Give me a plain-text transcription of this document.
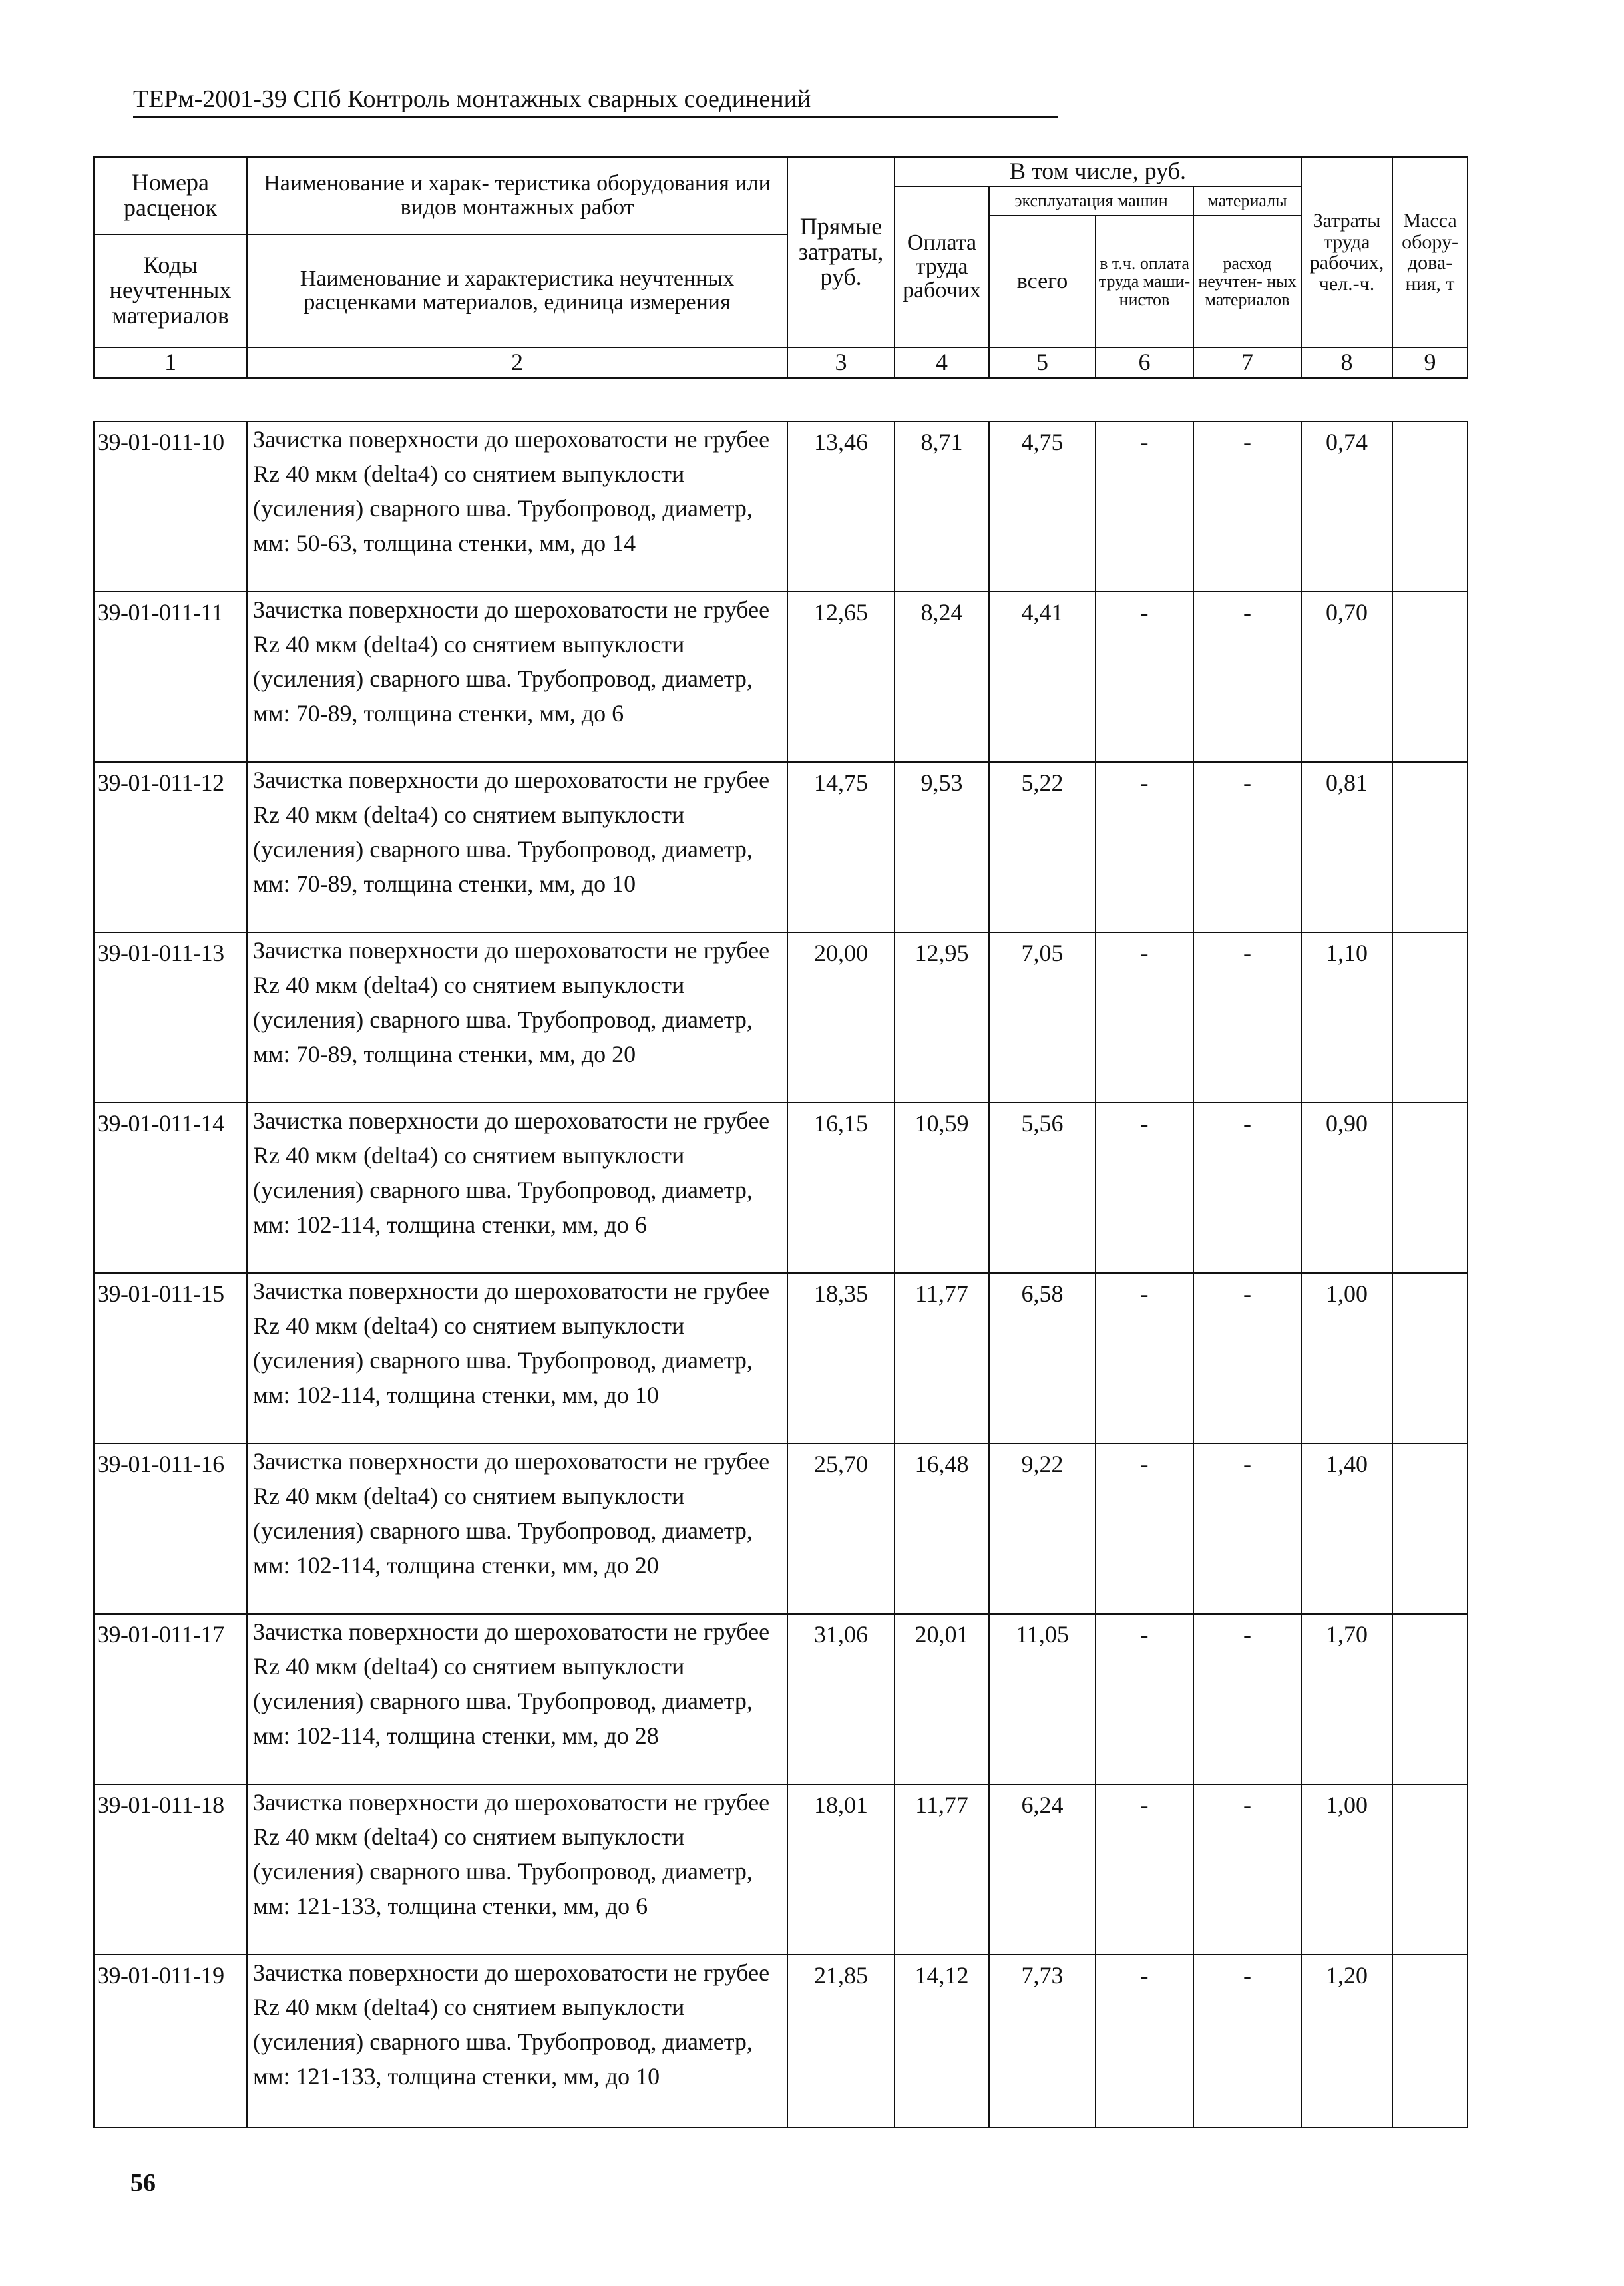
ТЕРм-2001-39 СПб Контроль монтажных сварных соединений
Номера расценок	Наименование и харак- теристика оборудования или видов монтажных работ	Прямые затраты, руб.	В том числе, руб.				Затраты труда рабочих, чел.-ч.	Масса обору- дова- ния, т
			Оплата труда рабочих	эксплуатация машин		материалы		
				всего	в т.ч. оплата труда маши- нистов	расход неучтен- ных материалов		
Коды неучтенных материалов	Наименование и характеристика неучтенных расценками материалов, единица измерения							

1	2	3	4	5	6	7	8	9
39-01-011-10	Зачистка поверхности до шероховатости не грубее Rz 40 мкм (delta4) со снятием выпуклости (усиления) сварного шва. Трубопровод, диаметр, мм: 50-63, толщина стенки, мм, до 14	13,46	8,71	4,75	-	-	0,74	
39-01-011-11	Зачистка поверхности до шероховатости не грубее Rz 40 мкм (delta4) со снятием выпуклости (усиления) сварного шва. Трубопровод, диаметр, мм: 70-89, толщина стенки, мм, до 6	12,65	8,24	4,41	-	-	0,70	
39-01-011-12	Зачистка поверхности до шероховатости не грубее Rz 40 мкм (delta4) со снятием выпуклости (усиления) сварного шва. Трубопровод, диаметр, мм: 70-89, толщина стенки, мм, до 10	14,75	9,53	5,22	-	-	0,81	
39-01-011-13	Зачистка поверхности до шероховатости не грубее Rz 40 мкм (delta4) со снятием выпуклости (усиления) сварного шва. Трубопровод, диаметр, мм: 70-89, толщина стенки, мм, до 20	20,00	12,95	7,05	-	-	1,10	
39-01-011-14	Зачистка поверхности до шероховатости не грубее Rz 40 мкм (delta4) со снятием выпуклости (усиления) сварного шва. Трубопровод, диаметр, мм: 102-114, толщина стенки, мм, до 6	16,15	10,59	5,56	-	-	0,90	
39-01-011-15	Зачистка поверхности до шероховатости не грубее Rz 40 мкм (delta4) со снятием выпуклости (усиления) сварного шва. Трубопровод, диаметр, мм: 102-114, толщина стенки, мм, до 10	18,35	11,77	6,58	-	-	1,00	
39-01-011-16	Зачистка поверхности до шероховатости не грубее Rz 40 мкм (delta4) со снятием выпуклости (усиления) сварного шва. Трубопровод, диаметр, мм: 102-114, толщина стенки, мм, до 20	25,70	16,48	9,22	-	-	1,40	
39-01-011-17	Зачистка поверхности до шероховатости не грубее Rz 40 мкм (delta4) со снятием выпуклости (усиления) сварного шва. Трубопровод, диаметр, мм: 102-114, толщина стенки, мм, до 28	31,06	20,01	11,05	-	-	1,70	
39-01-011-18	Зачистка поверхности до шероховатости не грубее Rz 40 мкм (delta4) со снятием выпуклости (усиления) сварного шва. Трубопровод, диаметр, мм: 121-133, толщина стенки, мм, до 6	18,01	11,77	6,24	-	-	1,00	
39-01-011-19	Зачистка поверхности до шероховатости не грубее Rz 40 мкм (delta4) со снятием выпуклости (усиления) сварного шва. Трубопровод, диаметр, мм: 121-133, толщина стенки, мм, до 10	21,85	14,12	7,73	-	-	1,20	
56
